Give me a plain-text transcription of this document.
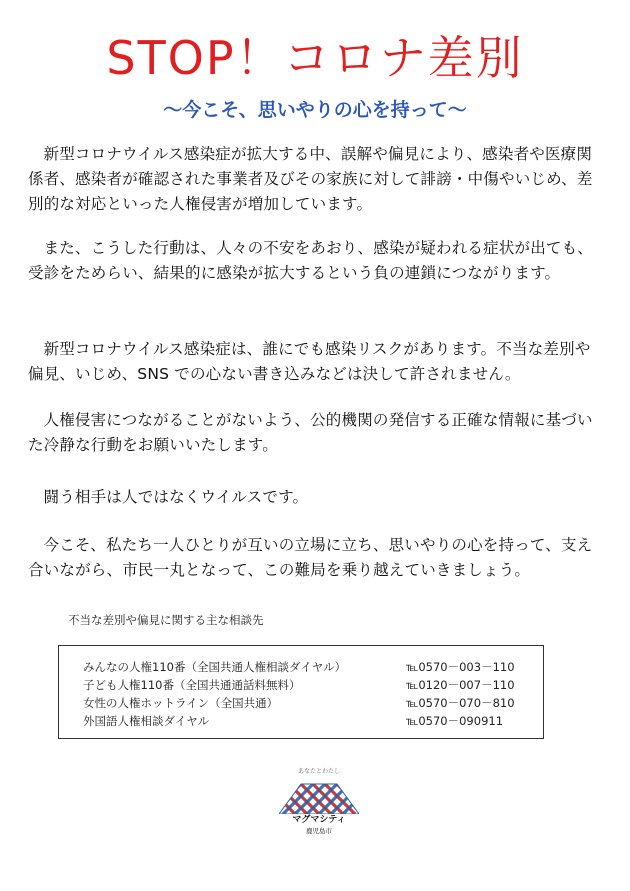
STOP！コロナ差別
～今こそ、思いやりの心を持って～

新型コロナウイルス感染症が拡大する中、誤解や偏見により、感染者や医療関係者、感染者が確認された事業者及びその家族に対して誹謗・中傷やいじめ、差別的な対応といった人権侵害が増加しています。

また、こうした行動は、人々の不安をあおり、感染が疑われる症状が出ても、受診をためらい、結果的に感染が拡大するという負の連鎖につながります。

新型コロナウイルス感染症は、誰にでも感染リスクがあります。不当な差別や偏見、いじめ、SNS での心ない書き込みなどは決して許されません。

人権侵害につながることがないよう、公的機関の発信する正確な情報に基づいた冷静な行動をお願いいたします。

闘う相手は人ではなくウイルスです。

今こそ、私たち一人ひとりが互いの立場に立ち、思いやりの心を持って、支え合いながら、市民一丸となって、この難局を乗り越えていきましょう。

不当な差別や偏見に関する主な相談先
みんなの人権110番（全国共通人権相談ダイヤル）	℡0570－003－110
子ども人権110番（全国共通通話料無料）	℡0120－007－110
女性の人権ホットライン（全国共通）	℡0570－070－810
外国語人権相談ダイヤル	℡0570－090911
あなたとわたし
マグマシティ
鹿児島市
